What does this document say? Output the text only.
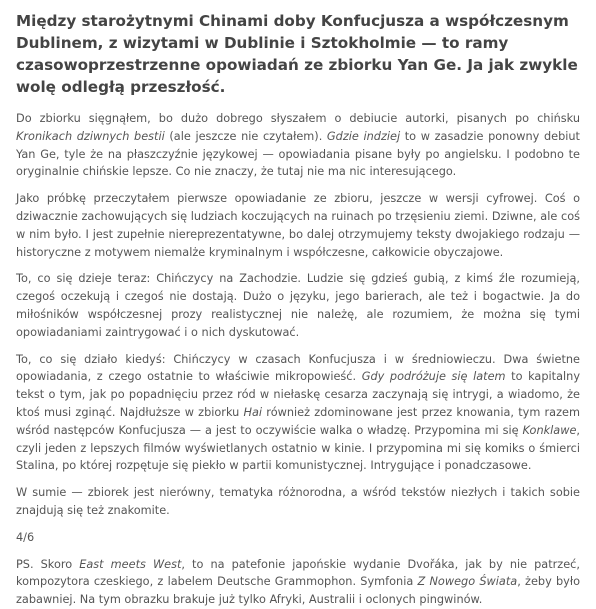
Między starożytnymi Chinami doby Konfucjusza a współczesnym Dublinem, z wizytami w Dublinie i Sztokholmie — to ramy czasowoprzestrzenne opowiadań ze zbiorku Yan Ge. Ja jak zwykle wolę odległą przeszłość.

Do zbiorku sięgnąłem, bo dużo dobrego słyszałem o debiucie autorki, pisanych po chińsku Kronikach dziwnych bestii (ale jeszcze nie czytałem). Gdzie indziej to w zasadzie ponowny debiut Yan Ge, tyle że na płaszczyźnie językowej — opowiadania pisane były po angielsku. I podobno te oryginalnie chińskie lepsze. Co nie znaczy, że tutaj nie ma nic interesującego.

Jako próbkę przeczytałem pierwsze opowiadanie ze zbioru, jeszcze w wersji cyfrowej. Coś o dziwacznie zachowujących się ludziach koczujących na ruinach po trzęsieniu ziemi. Dziwne, ale coś w nim było. I jest zupełnie niereprezentatywne, bo dalej otrzymujemy teksty dwojakiego rodzaju — historyczne z motywem niemalże kryminalnym i współczesne, całkowicie obyczajowe.

To, co się dzieje teraz: Chińczycy na Zachodzie. Ludzie się gdzieś gubią, z kimś źle rozumieją, czegoś oczekują i czegoś nie dostają. Dużo o języku, jego barierach, ale też i bogactwie. Ja do miłośników współczesnej prozy realistycznej nie należę, ale rozumiem, że można się tymi opowiadaniami zaintrygować i o nich dyskutować.

To, co się działo kiedyś: Chińczycy w czasach Konfucjusza i w średniowieczu. Dwa świetne opowiadania, z czego ostatnie to właściwie mikropowieść. Gdy podróżuje się latem to kapitalny tekst o tym, jak po popadnięciu przez ród w niełaskę cesarza zaczynają się intrygi, a wiadomo, że ktoś musi zginąć. Najdłuższe w zbiorku Hai również zdominowane jest przez knowania, tym razem wśród następców Konfucjusza — a jest to oczywiście walka o władzę. Przypomina mi się Konklawe, czyli jeden z lepszych filmów wyświetlanych ostatnio w kinie. I przypomina mi się komiks o śmierci Stalina, po której rozpętuje się piekło w partii komunistycznej. Intrygujące i ponadczasowe.

W sumie — zbiorek jest nierówny, tematyka różnorodna, a wśród tekstów niezłych i takich sobie znajdują się też znakomite.

4/6

PS. Skoro East meets West, to na patefonie japońskie wydanie Dvořáka, jak by nie patrzeć, kompozytora czeskiego, z labelem Deutsche Grammophon. Symfonia Z Nowego Świata, żeby było zabawniej. Na tym obrazku brakuje już tylko Afryki, Australii i oclonych pingwinów.
